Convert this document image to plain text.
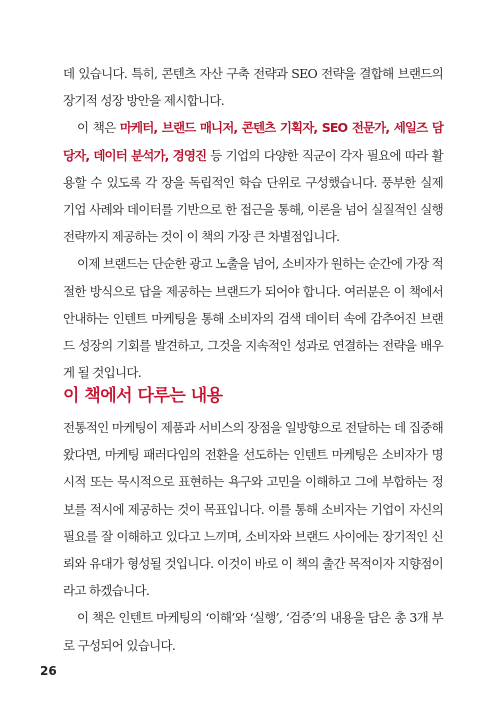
데 있습니다. 특히, 콘텐츠 자산 구축 전략과 SEO 전략을 결합해 브랜드의 장기적 성장 방안을 제시합니다.

이 책은 마케터, 브랜드 매니저, 콘텐츠 기획자, SEO 전문가, 세일즈 담당자, 데이터 분석가, 경영진 등 기업의 다양한 직군이 각자 필요에 따라 활용할 수 있도록 각 장을 독립적인 학습 단위로 구성했습니다. 풍부한 실제 기업 사례와 데이터를 기반으로 한 접근을 통해, 이론을 넘어 실질적인 실행 전략까지 제공하는 것이 이 책의 가장 큰 차별점입니다.

이제 브랜드는 단순한 광고 노출을 넘어, 소비자가 원하는 순간에 가장 적절한 방식으로 답을 제공하는 브랜드가 되어야 합니다. 여러분은 이 책에서 안내하는 인텐트 마케팅을 통해 소비자의 검색 데이터 속에 감추어진 브랜드 성장의 기회를 발견하고, 그것을 지속적인 성과로 연결하는 전략을 배우게 될 것입니다.

이 책에서 다루는 내용

전통적인 마케팅이 제품과 서비스의 장점을 일방향으로 전달하는 데 집중해왔다면, 마케팅 패러다임의 전환을 선도하는 인텐트 마케팅은 소비자가 명시적 또는 묵시적으로 표현하는 욕구와 고민을 이해하고 그에 부합하는 정보를 적시에 제공하는 것이 목표입니다. 이를 통해 소비자는 기업이 자신의 필요를 잘 이해하고 있다고 느끼며, 소비자와 브랜드 사이에는 장기적인 신뢰와 유대가 형성될 것입니다. 이것이 바로 이 책의 출간 목적이자 지향점이라고 하겠습니다.

이 책은 인텐트 마케팅의 ‘이해’와 ‘실행’, ‘검증’의 내용을 담은 총 3개 부로 구성되어 있습니다.

26
